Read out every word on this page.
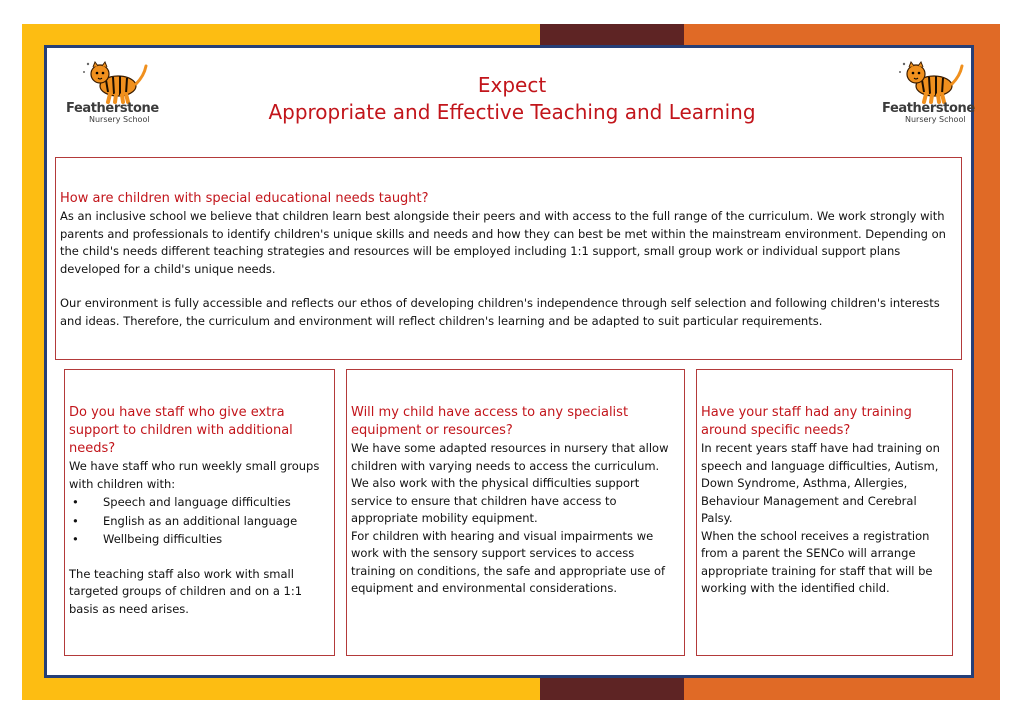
Featherstone
Nursery School
Featherstone
Nursery School
Expect
Appropriate and Effective Teaching and Learning

How are children with special educational needs taught?

As an inclusive school we believe that children learn best alongside their peers and with access to the full range of the curriculum. We work strongly with parents and professionals to identify children's unique skills and needs and how they can best be met within the mainstream environment. Depending on the child's needs different teaching strategies and resources will be employed including 1:1 support, small group work or individual support plans developed for a child's unique needs.

Our environment is fully accessible and reflects our ethos of developing children's independence through self selection and following children's interests and ideas. Therefore, the curriculum and environment will reflect children's learning and be adapted to suit particular requirements.

Do you have staff who give extra support to children with additional needs?

We have staff who run weekly small groups with children with:

• Speech and language difficulties
• English as an additional language
• Wellbeing difficulties

The teaching staff also work with small targeted groups of children and on a 1:1 basis as need arises.

Will my child have access to any specialist equipment or resources?

We have some adapted resources in nursery that allow children with varying needs to access the curriculum.

We also work with the physical difficulties support service to ensure that children have access to appropriate mobility equipment.

For children with hearing and visual impairments we work with the sensory support services to access training on conditions, the safe and appropriate use of equipment and environmental considerations.

Have your staff had any training around specific needs?

In recent years staff have had training on speech and language difficulties, Autism, Down Syndrome, Asthma, Allergies, Behaviour Management and Cerebral Palsy.

When the school receives a registration from a parent the SENCo will arrange appropriate training for staff that will be working with the identified child.
